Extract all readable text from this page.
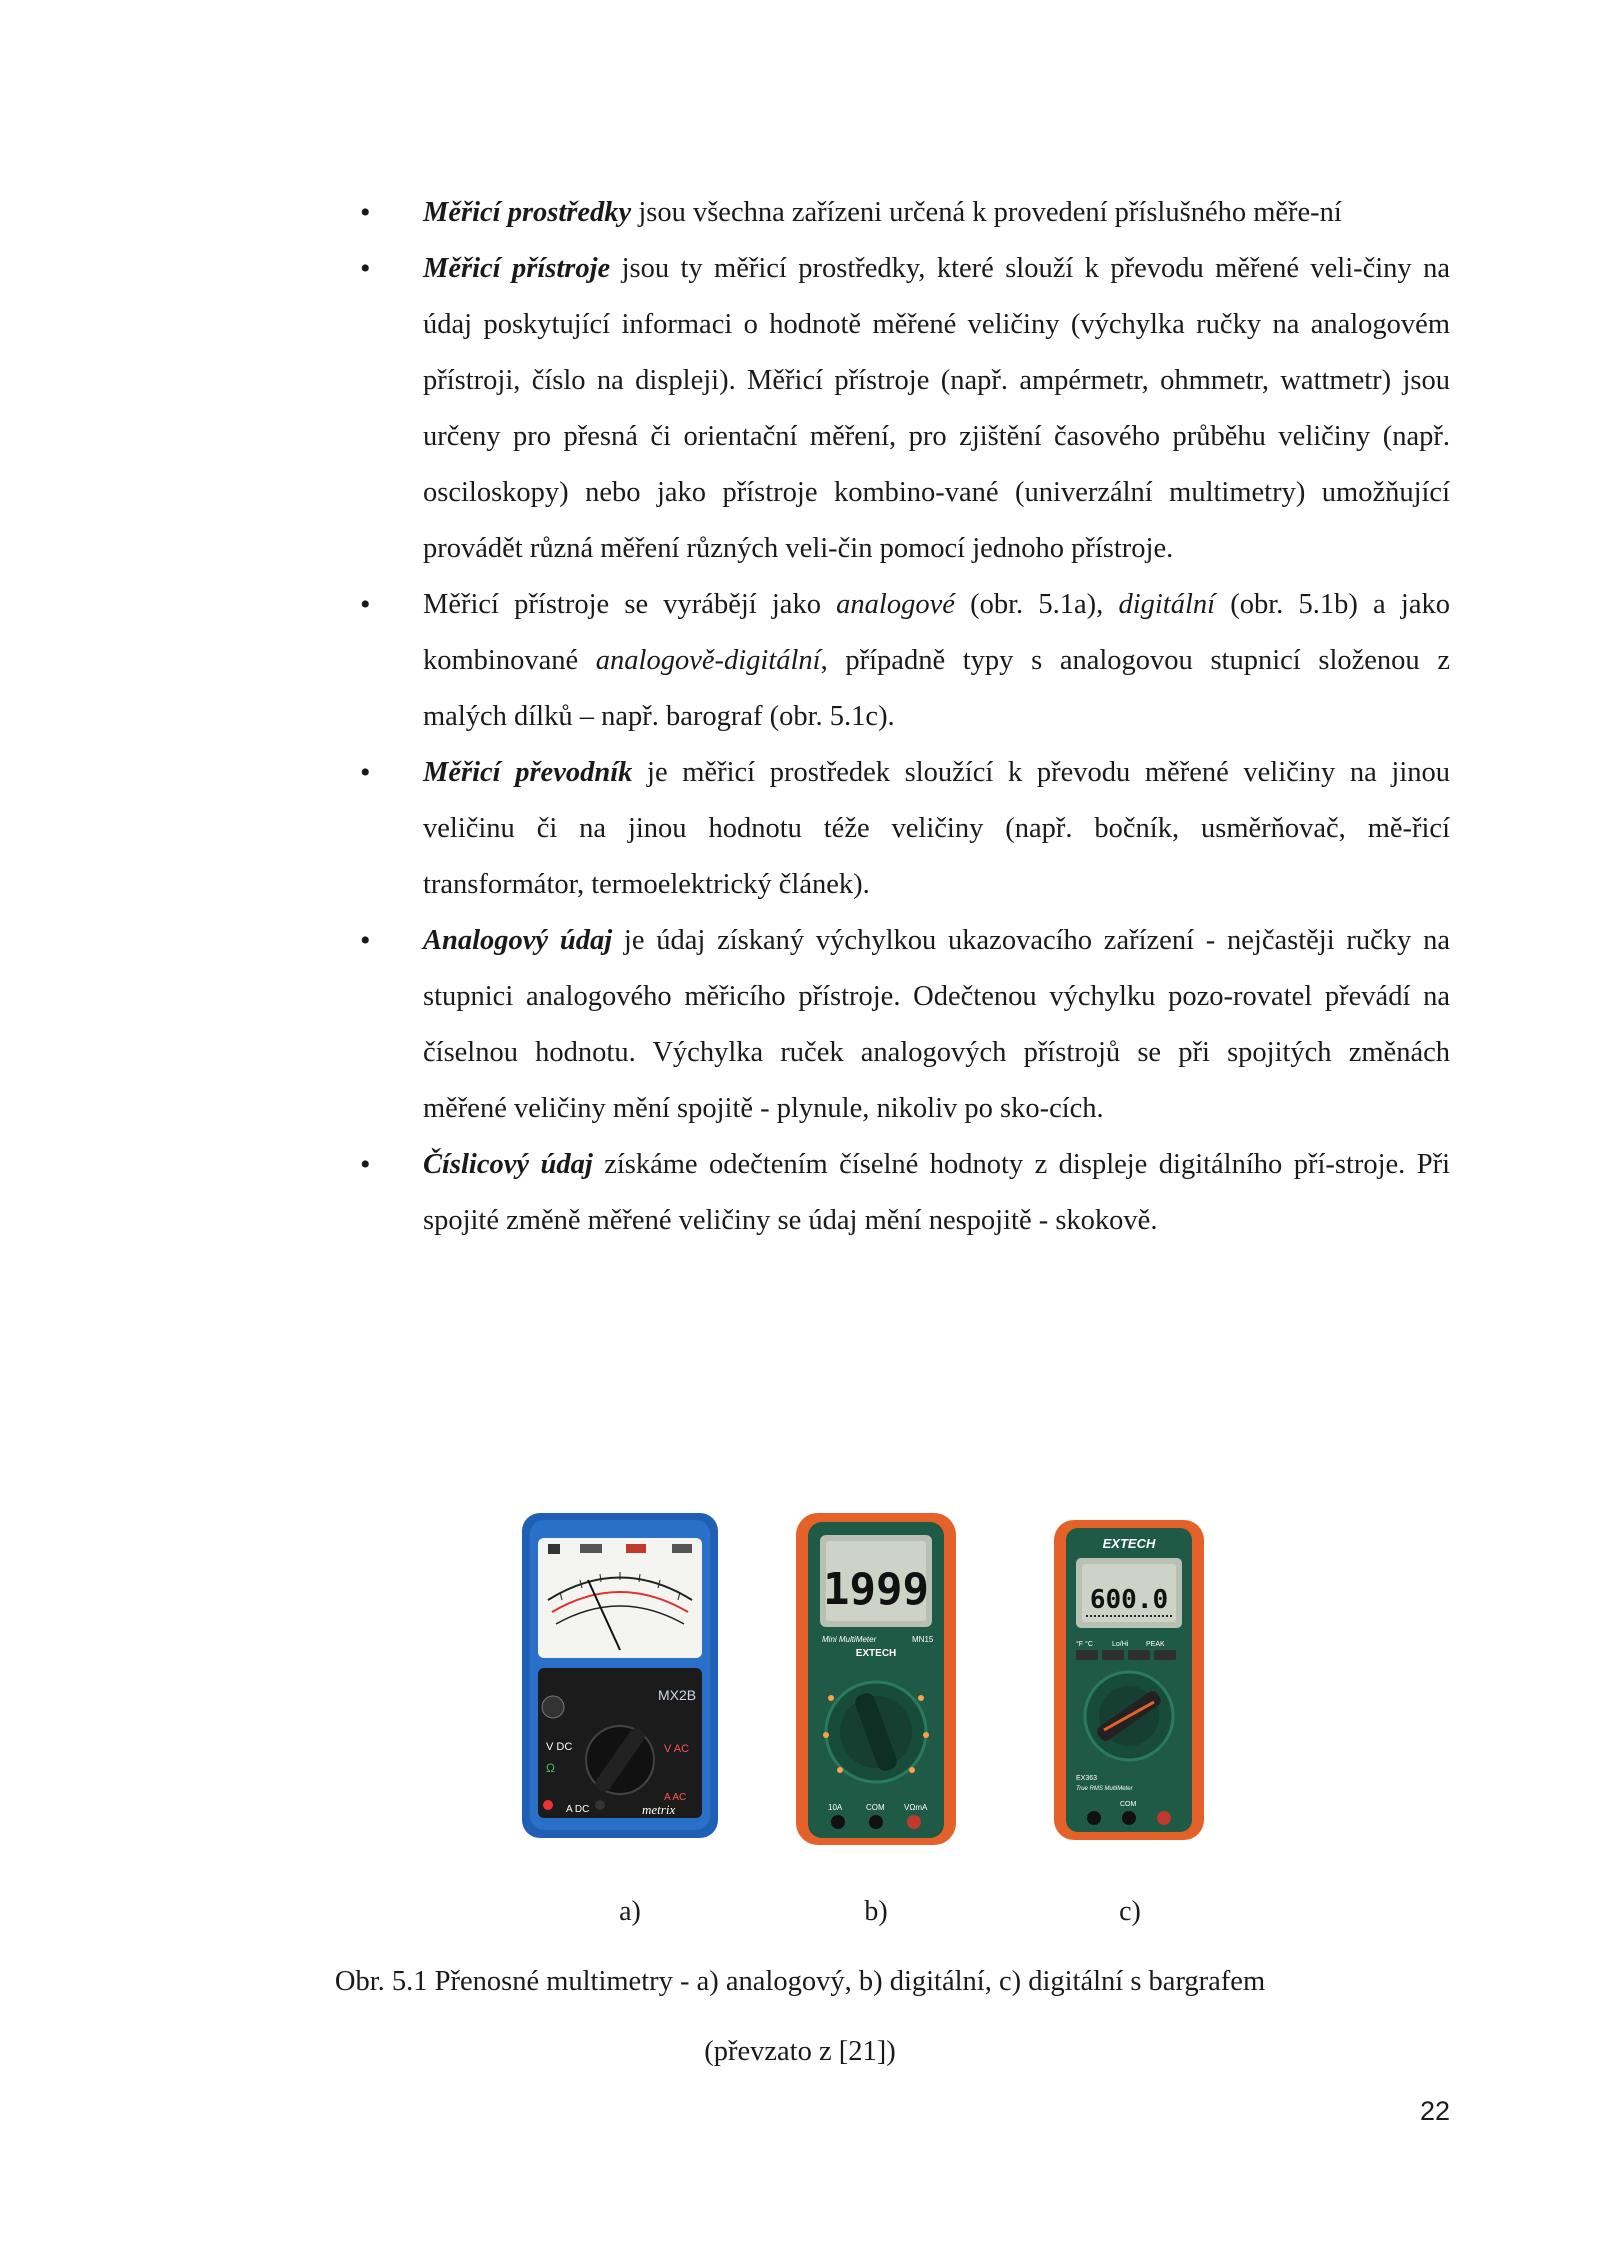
• Měřicí prostředky jsou všechna zařízeni určená k provedení příslušného měře-ní
• Měřicí přístroje jsou ty měřicí prostředky, které slouží k převodu měřené veli-činy na údaj poskytující informaci o hodnotě měřené veličiny (výchylka ručky na analogovém přístroji, číslo na displeji). Měřicí přístroje (např. ampérmetr, ohmmetr, wattmetr) jsou určeny pro přesná či orientační měření, pro zjištění časového průběhu veličiny (např. osciloskopy) nebo jako přístroje kombino-vané (univerzální multimetry) umožňující provádět různá měření různých veli-čin pomocí jednoho přístroje.
• Měřicí přístroje se vyrábějí jako analogové (obr. 5.1a), digitální (obr. 5.1b) a jako kombinované analogově-digitální, případně typy s analogovou stupnicí složenou z malých dílků – např. barograf (obr. 5.1c).
• Měřicí převodník je měřicí prostředek sloužící k převodu měřené veličiny na jinou veličinu či na jinou hodnotu téže veličiny (např. bočník, usměrňovač, mě-řicí transformátor, termoelektrický článek).
• Analogový údaj je údaj získaný výchylkou ukazovacího zařízení - nejčastěji ručky na stupnici analogového měřicího přístroje. Odečtenou výchylku pozo-rovatel převádí na číselnou hodnotu. Výchylka ruček analogových přístrojů se při spojitých změnách měřené veličiny mění spojitě - plynule, nikoliv po sko-cích.
• Číslicový údaj získáme odečtením číselné hodnoty z displeje digitálního pří-stroje. Při spojité změně měřené veličiny se údaj mění nespojitě - skokově.
MX2B
V DC	V AC
Ω
A DC
A AC
metrix
1999
Mini MultiMeter	MN15
EXTECH
10A	COM VΩmA
EXTECH
600.0
°F °C	Lo/Hi	PEAK
EX363
True RMS MultiMeter
COM
a)	b)	c)
Obr. 5.1 Přenosné multimetry - a) analogový, b) digitální, c) digitální s bargrafem
(převzato z [21])
22
